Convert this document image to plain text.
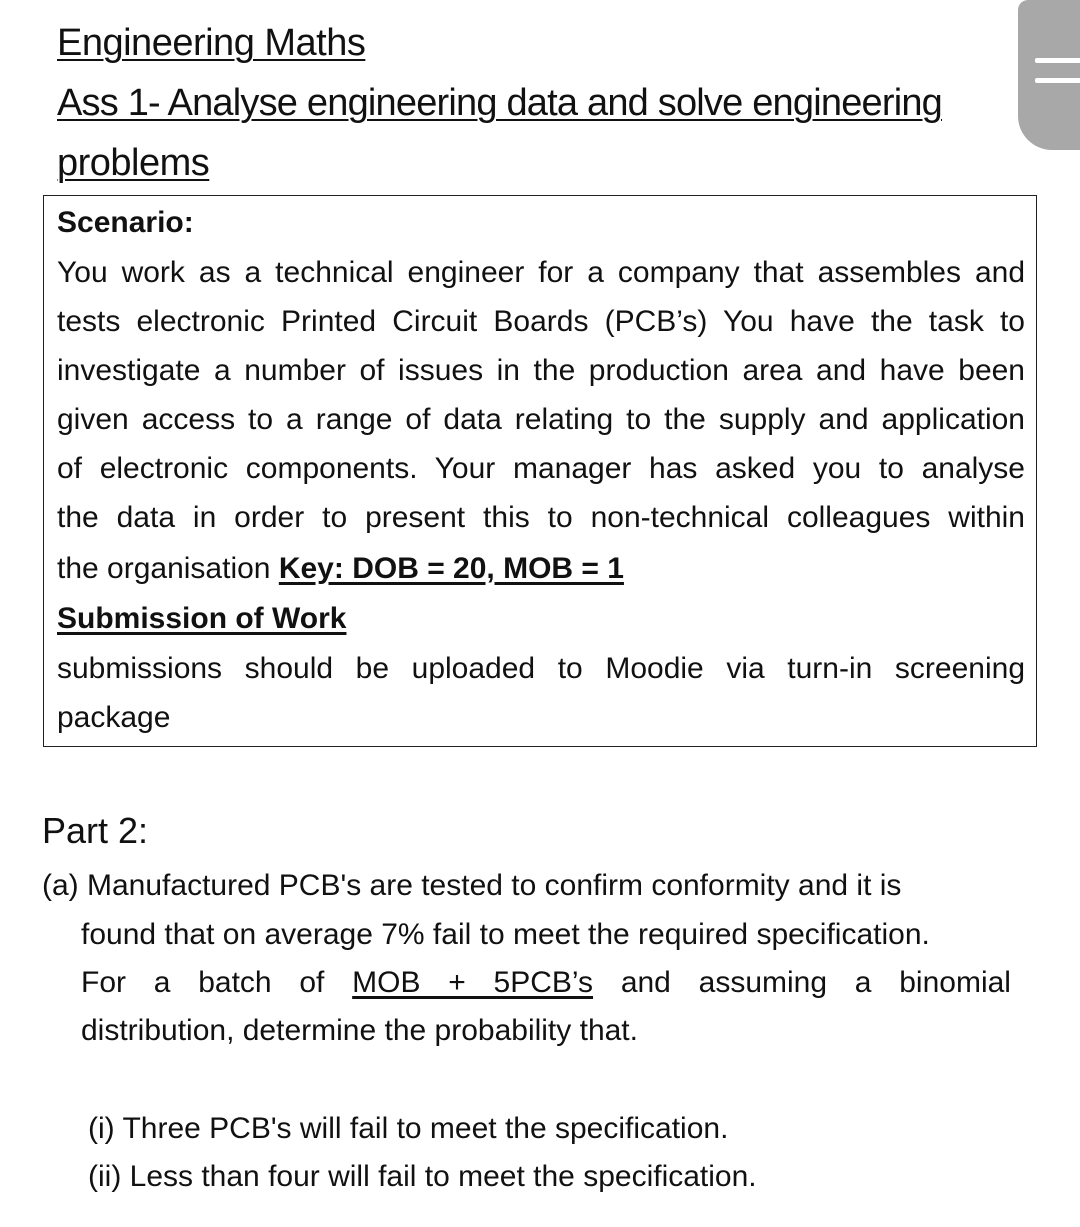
Engineering Maths
Ass 1- Analyse engineering data and solve engineering
problems
Scenario:
You work as a technical engineer for a company that assembles and
tests electronic Printed Circuit Boards (PCB’s) You have the task to
investigate a number of issues in the production area and have been
given access to a range of data relating to the supply and application
of electronic components. Your manager has asked you to analyse
the data in order to present this to non-technical colleagues within
the organisation Key: DOB = 20, MOB = 1
Submission of Work
submissions should be uploaded to Moodie via turn-in screening
package
Part 2:
(a) Manufactured PCB's are tested to confirm conformity and it is
found that on average 7% fail to meet the required specification.
For a batch of MOB + 5PCB’s and assuming a binomial
distribution, determine the probability that.
(i) Three PCB's will fail to meet the specification.
(ii) Less than four will fail to meet the specification.
